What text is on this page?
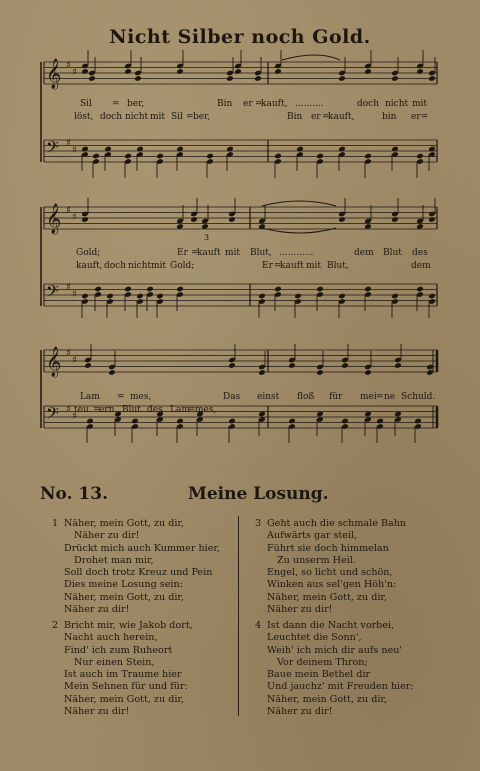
Nicht Silber noch Gold.
𝄞 ♯
♯
𝄢 ♯
♯
𝄞 ♯
♯
𝄢 ♯
♯
𝄞 ♯
♯
𝄢 ♯
♯
Sil = ber,	Bin er =
kauft, ..........	doch nicht mit
löst, doch nicht mit Sil = ber,	Bin er =
kauft,	bin er=
Gold;	Er =
kauft mit Blut, ............	dem Blut des
kauft, doch nicht mit Gold;	Er =
kauft mit Blut,	dem
3
Lam = mes,	Das einst floß für mei = ne Schuld.
teu =
ern Blut des Lam
= mes,
No. 13.	Meine Losung.
1 Näher, mein Gott, zu dir,
Näher zu dir!
Drückt mich auch Kummer hier,
Drohet man mir,
Soll doch trotz Kreuz und Pein
Dies meine Losung sein:
Näher, mein Gott, zu dir,
Näher zu dir!
2 Bricht mir, wie Jakob dort,
Nacht auch herein,
Find' ich zum Ruheort
Nur einen Stein,
Ist auch im Traume hier
Mein Sehnen für und für:
Näher, mein Gott, zu dir,
Näher zu dir!
3 Geht auch die schmale Bahn
Aufwärts gar steil,
Führt sie doch himmelan
Zu unserm Heil.
Engel, so licht und schön,
Winken aus sel'gen Höh'n:
Näher, mein Gott, zu dir,
Näher zu dir!
4 Ist dann die Nacht vorbei,
Leuchtet die Sonn',
Weih' ich mich dir aufs neu'
Vor deinem Thron;
Baue mein Bethel dir
Und jauchz' mit Freuden hier:
Näher, mein Gott, zu dir,
Näher zu dir!
